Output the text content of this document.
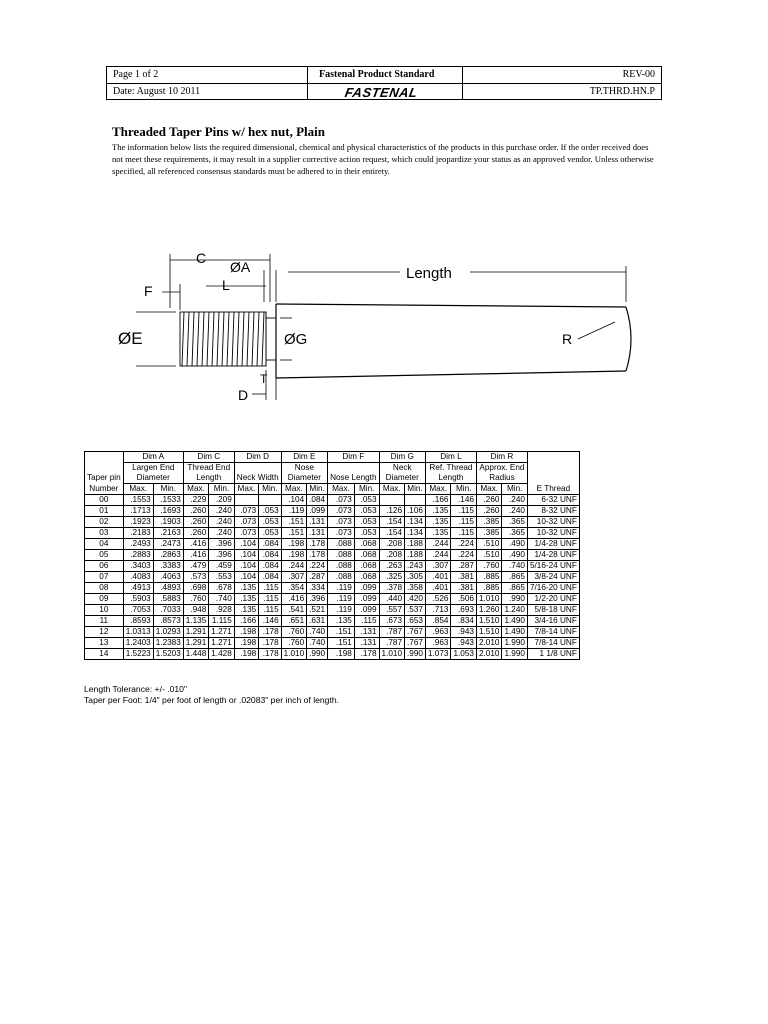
Page 1 of 2	Fastenal Product Standard	REV-00
Date: August 10 2011	FASTENAL	TP.THRD.HN.P
Threaded Taper Pins w/ hex nut, Plain
The information below lists the required dimensional, chemical and physical characteristics of the products in this purchase order. If the order received does not meet these requirements, it may result in a supplier corrective action request, which could jeopardize your status as an approved vendor. Unless otherwise specified, all referenced consensus standards must be adhered to in their entirety.
C
ØA
F	L
ØE	ØG
T
D
Length
R
	Dim A		Dim C		Dim D		Dim E		Dim F		Dim G		Dim L		Dim R		
	Largen End		Thread End				Nose				Neck		Ref. Thread		Approx. End		
Taper pin	Diameter		Length		Neck Width		Diameter		Nose Length		Diameter		Length		Radius		
Number	Max.	Min.	Max.	Min.	Max.	Min.	Max.	Min.	Max.	Min.	Max.	Min.	Max.	Min.	Max.	Min.	E Thread
00	.1553	.1533	.229	.209			.104	.084	.073	.053			.166	.146	.260	.240	6-32 UNF
01	.1713	.1693	.260	.240	.073	.053	.119	.099	.073	.053	.126	.106	.135	.115	.260	.240	8-32 UNF
02	.1923	.1903	.260	.240	.073	.053	.151	.131	.073	.053	.154	.134	.135	.115	.385	.365	10-32 UNF
03	.2183	.2163	.260	.240	.073	.053	.151	.131	.073	.053	.154	.134	.135	.115	.385	.365	10-32 UNF
04	.2493	.2473	.416	.396	.104	.084	.198	.178	.088	.068	.208	.188	.244	.224	.510	.490	1/4-28 UNF
05	.2883	.2863	.416	.396	.104	.084	.198	.178	.088	.068	.208	.188	.244	.224	.510	.490	1/4-28 UNF
06	.3403	.3383	.479	.459	.104	.084	.244	.224	.088	.068	.263	.243	.307	.287	.760	.740	5/16-24 UNF
07	.4083	.4063	.573	.553	.104	.084	.307	.287	.088	.068	.325	.305	.401	.381	.885	.865	3/8-24 UNF
08	.4913	.4893	.698	.678	.135	.115	.354	.334	.119	.099	.378	.358	.401	.381	.885	.865	7/16-20 UNF
09	.5903	.5883	.760	.740	.135	.115	.416	.396	.119	.099	.440	.420	.526	.506	1.010	.990	1/2-20 UNF
10	.7053	.7033	.948	.928	.135	.115	.541	.521	.119	.099	.557	.537	.713	.693	1.260	1.240	5/8-18 UNF
11	.8593	.8573	1.135	1.115	.166	.146	.651	.631	.135	.115	.673	.653	.854	.834	1.510	1.490	3/4-16 UNF
12	1.0313	1.0293	1.291	1.271	.198	.178	.760	.740	.151	.131	.787	.767	.963	.943	1.510	1.490	7/8-14 UNF
13	1.2403	1.2383	1.291	1.271	.198	.178	.760	.740	.151	.131	.787	.767	.963	.943	2.010	1.990	7/8-14 UNF
14	1.5223	1.5203	1.448	1.428	.198	.178	1.010	.990	.198	.178	1.010	.990	1.073	1.053	2.010	1.990	1 1/8 UNF
Length Tolerance: +/- .010"
Taper per Foot: 1/4" per foot of length or .02083" per inch of length.
